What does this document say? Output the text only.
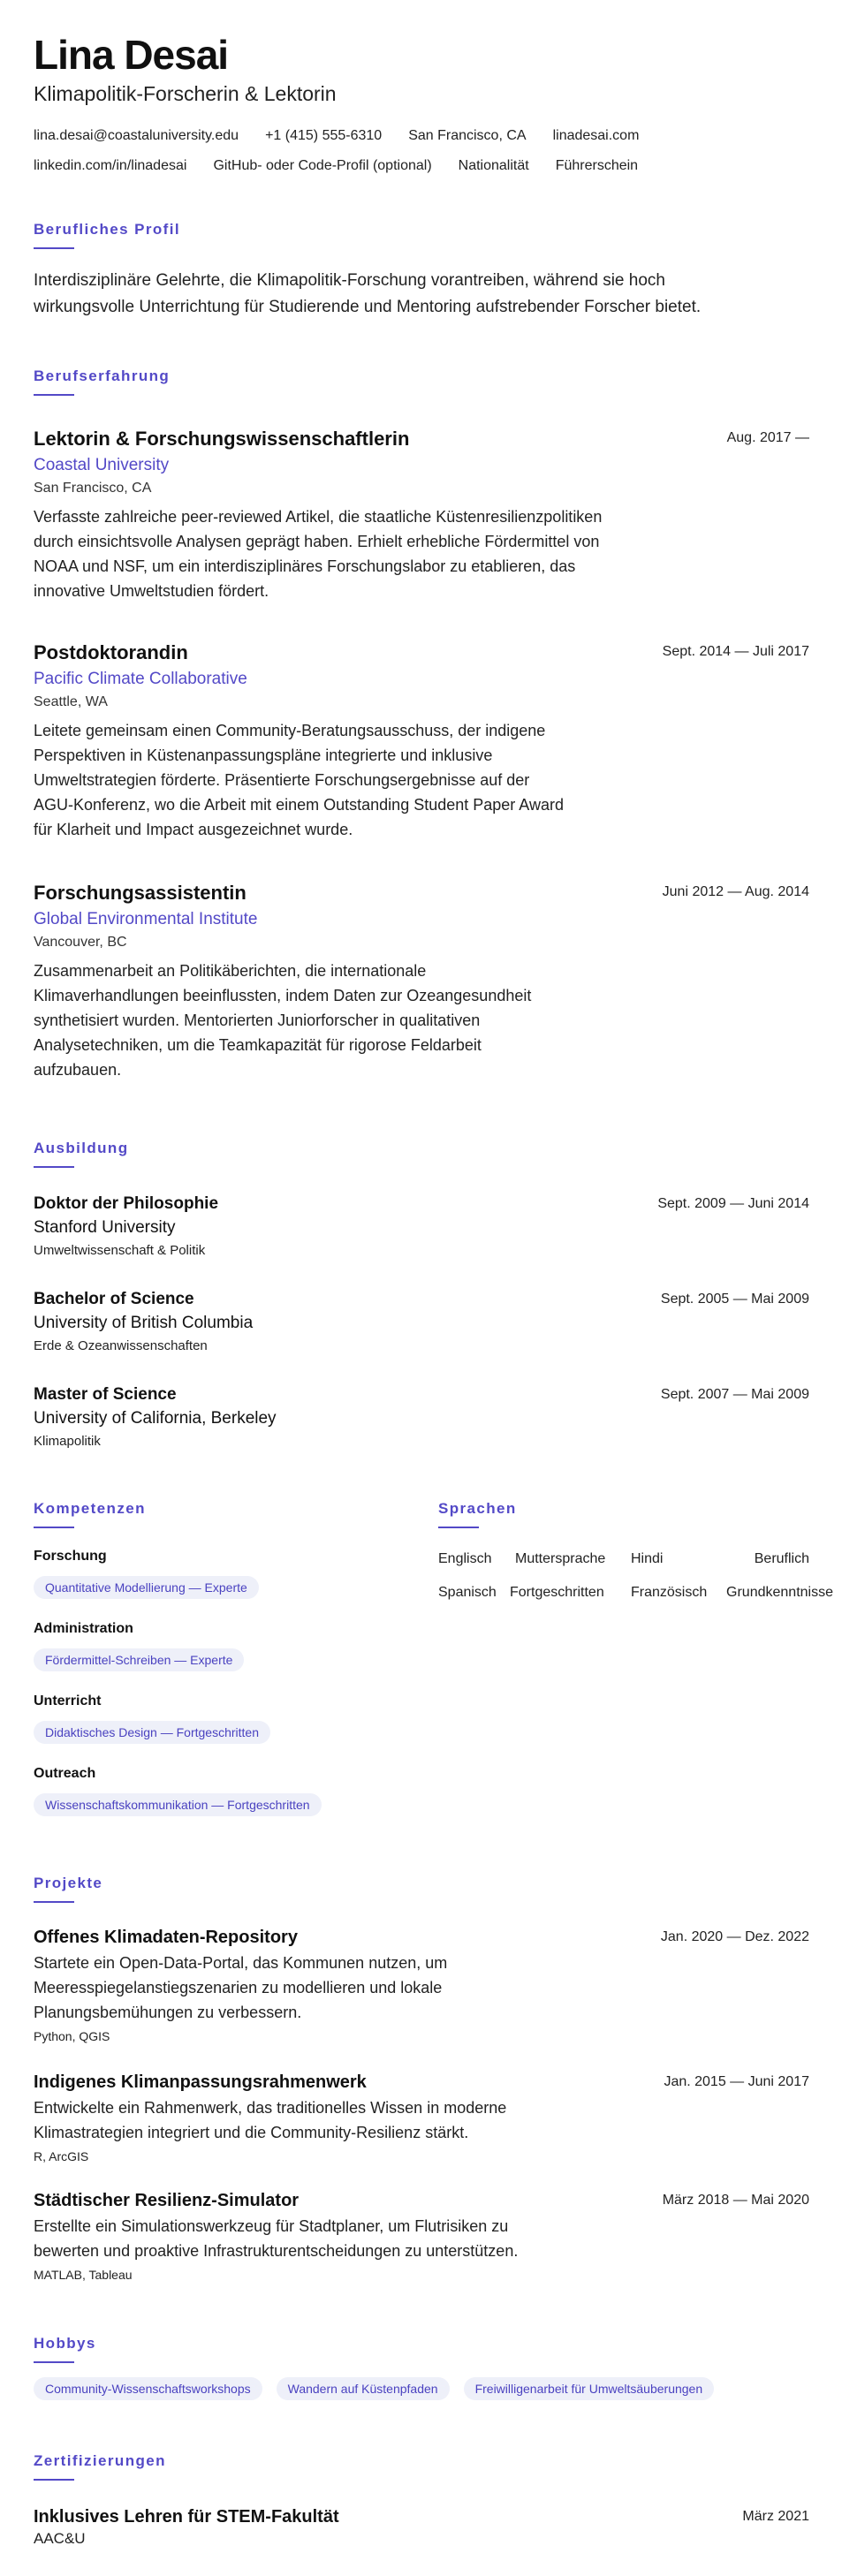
Lina Desai
Klimapolitik-Forscherin & Lektorin
lina.desai@coastaluniversity.edu +1 (415) 555-6310 San Francisco, CA linadesai.com
linkedin.com/in/linadesai GitHub- oder Code-Profil (optional) Nationalität Führerschein
Berufliches Profil
Interdisziplinäre Gelehrte, die Klimapolitik-Forschung vorantreiben, während sie hoch
wirkungsvolle Unterrichtung für Studierende und Mentoring aufstrebender Forscher bietet.
Berufserfahrung
Lektorin & Forschungswissenschaftlerin
Coastal University
San Francisco, CA
Verfasste zahlreiche peer-reviewed Artikel, die staatliche Küstenresilienzpolitiken
durch einsichtsvolle Analysen geprägt haben. Erhielt erhebliche Fördermittel von
NOAA und NSF, um ein interdisziplinäres Forschungslabor zu etablieren, das
innovative Umweltstudien fördert.
Aug. 2017 —
Postdoktorandin
Pacific Climate Collaborative
Seattle, WA
Leitete gemeinsam einen Community-Beratungsausschuss, der indigene
Perspektiven in Küstenanpassungspläne integrierte und inklusive
Umweltstrategien förderte. Präsentierte Forschungsergebnisse auf der
AGU-Konferenz, wo die Arbeit mit einem Outstanding Student Paper Award
für Klarheit und Impact ausgezeichnet wurde.
Sept. 2014 — Juli 2017
Forschungsassistentin
Global Environmental Institute
Vancouver, BC
Zusammenarbeit an Politikäberichten, die internationale
Klimaverhandlungen beeinflussten, indem Daten zur Ozeangesundheit
synthetisiert wurden. Mentorierten Juniorforscher in qualitativen
Analysetechniken, um die Teamkapazität für rigorose Feldarbeit
aufzubauen.
Juni 2012 — Aug. 2014
Ausbildung
Doktor der Philosophie
Stanford University
Umweltwissenschaft & Politik
Sept. 2009 — Juni 2014
Bachelor of Science
University of British Columbia
Erde & Ozeanwissenschaften
Sept. 2005 — Mai 2009
Master of Science
University of California, Berkeley
Klimapolitik
Sept. 2007 — Mai 2009
Kompetenzen
Forschung
Quantitative Modellierung — Experte
Administration
Fördermittel-Schreiben — Experte
Unterricht
Didaktisches Design — Fortgeschritten
Outreach
Wissenschaftskommunikation — Fortgeschritten
Sprachen
Englisch Muttersprache Hindi	Beruflich
Spanisch Fortgeschritten Französisch Grundkenntnisse
Projekte
Offenes Klimadaten-Repository
Startete ein Open-Data-Portal, das Kommunen nutzen, um
Meeresspiegelanstiegszenarien zu modellieren und lokale
Planungsbemühungen zu verbessern.
Python, QGIS
Jan. 2020 — Dez. 2022
Indigenes Klimanpassungsrahmenwerk
Entwickelte ein Rahmenwerk, das traditionelles Wissen in moderne
Klimastrategien integriert und die Community-Resilienz stärkt.
R, ArcGIS
Jan. 2015 — Juni 2017
Städtischer Resilienz-Simulator
Erstellte ein Simulationswerkzeug für Stadtplaner, um Flutrisiken zu
bewerten und proaktive Infrastrukturentscheidungen zu unterstützen.
MATLAB, Tableau
März 2018 — Mai 2020
Hobbys
Community-Wissenschaftsworkshops	Wandern auf Küstenpfaden	Freiwilligenarbeit für Umweltsäuberungen
Zertifizierungen
Inklusives Lehren für STEM-Fakultät
AAC&U
März 2021
